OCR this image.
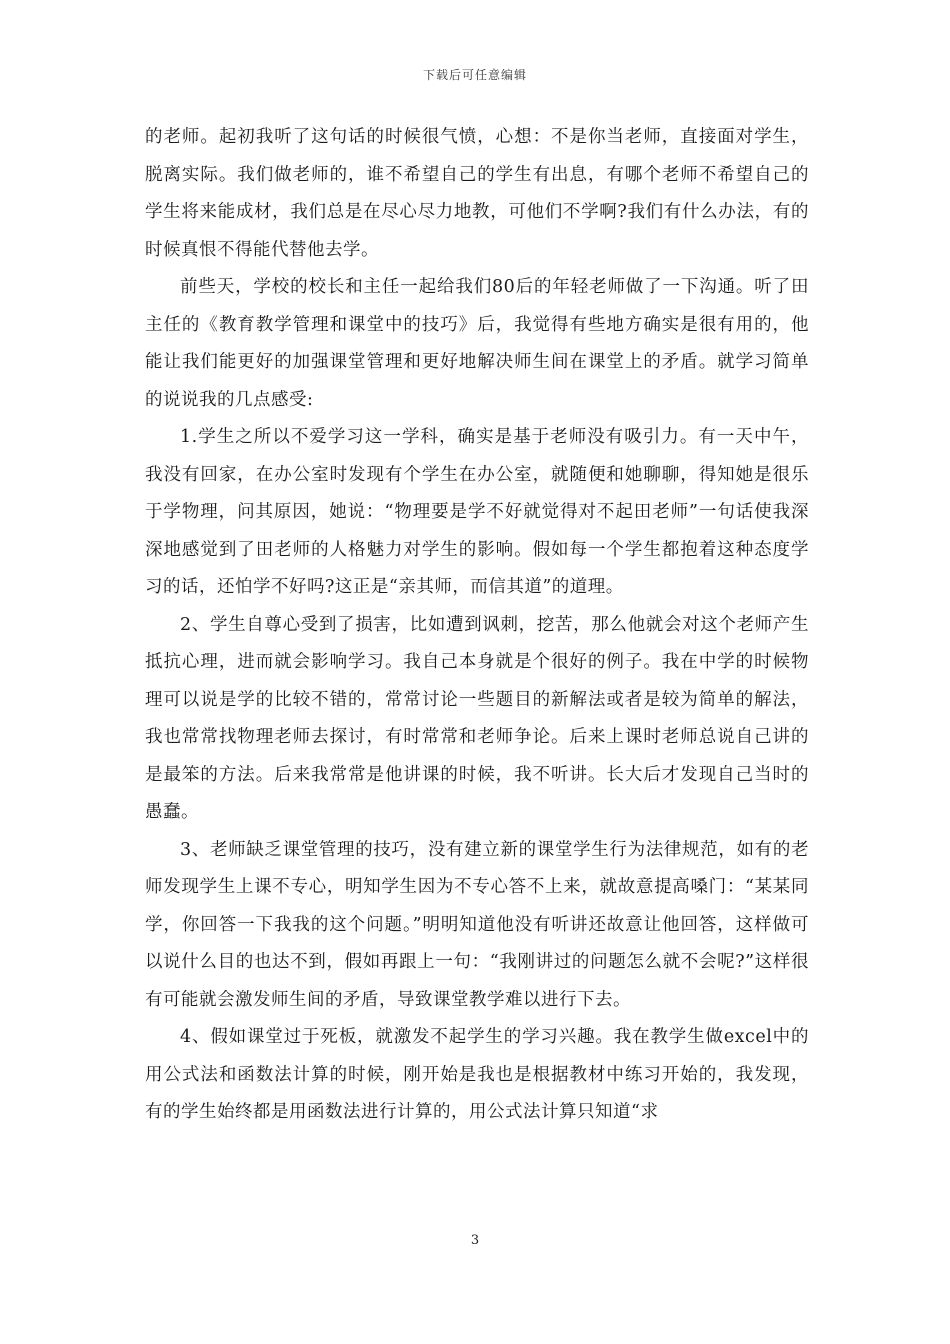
下载后可任意编辑

的老师。起初我听了这句话的时候很气愤，心想：不是你当老师，直接面对学生，脱离实际。我们做老师的，谁不希望自己的学生有出息，有哪个老师不希望自己的学生将来能成材，我们总是在尽心尽力地教，可他们不学啊?我们有什么办法，有的时候真恨不得能代替他去学。

前些天，学校的校长和主任一起给我们80后的年轻老师做了一下沟通。听了田主任的《教育教学管理和课堂中的技巧》后，我觉得有些地方确实是很有用的，他能让我们能更好的加强课堂管理和更好地解决师生间在课堂上的矛盾。就学习简单的说说我的几点感受:

1.学生之所以不爱学习这一学科，确实是基于老师没有吸引力。有一天中午，我没有回家，在办公室时发现有个学生在办公室，就随便和她聊聊，得知她是很乐于学物理，问其原因，她说：“物理要是学不好就觉得对不起田老师”一句话使我深深地感觉到了田老师的人格魅力对学生的影响。假如每一个学生都抱着这种态度学习的话，还怕学不好吗?这正是“亲其师，而信其道”的道理。

2、学生自尊心受到了损害，比如遭到讽刺，挖苦，那么他就会对这个老师产生抵抗心理，进而就会影响学习。我自己本身就是个很好的例子。我在中学的时候物理可以说是学的比较不错的，常常讨论一些题目的新解法或者是较为简单的解法，我也常常找物理老师去探讨，有时常常和老师争论。后来上课时老师总说自己讲的是最笨的方法。后来我常常是他讲课的时候，我不听讲。长大后才发现自己当时的愚蠢。

3、老师缺乏课堂管理的技巧，没有建立新的课堂学生行为法律规范，如有的老师发现学生上课不专心，明知学生因为不专心答不上来，就故意提高嗓门：“某某同学，你回答一下我我的这个问题。”明明知道他没有听讲还故意让他回答，这样做可以说什么目的也达不到，假如再跟上一句：“我刚讲过的问题怎么就不会呢?”这样很有可能就会激发师生间的矛盾，导致课堂教学难以进行下去。

4、假如课堂过于死板，就激发不起学生的学习兴趣。我在教学生做excel中的用公式法和函数法计算的时候，刚开始是我也是根据教材中练习开始的，我发现，有的学生始终都是用函数法进行计算的，用公式法计算只知道“求

3
